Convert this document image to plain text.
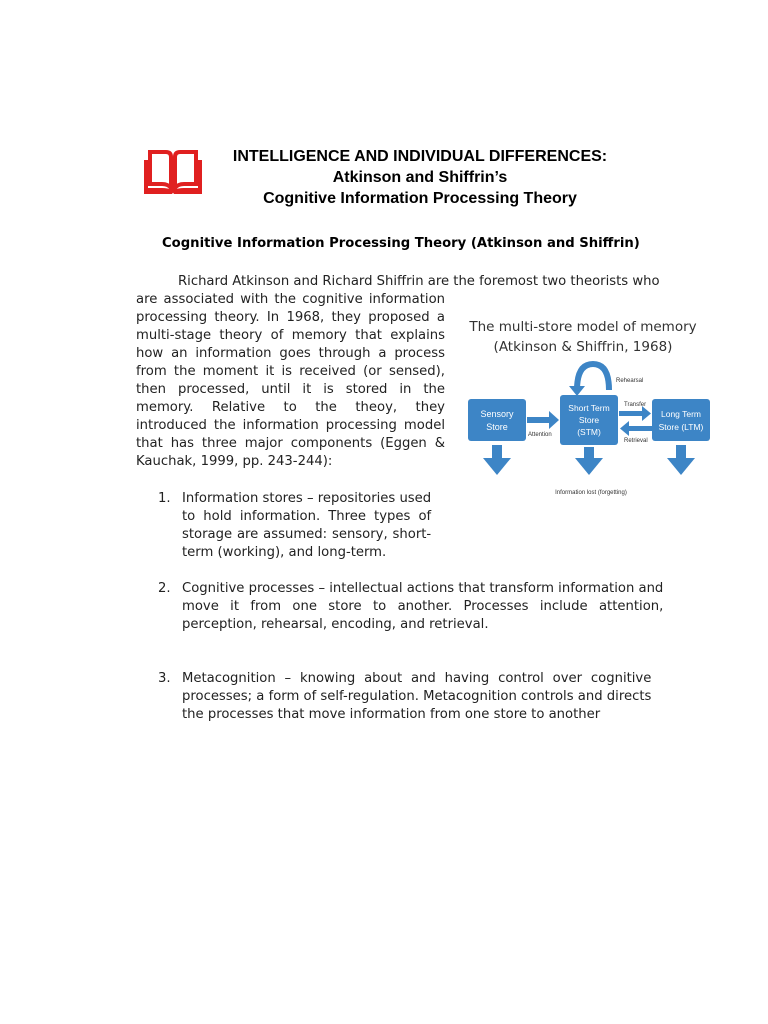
INTELLIGENCE AND INDIVIDUAL DIFFERENCES:
Atkinson and Shiffrin’s
Cognitive Information Processing Theory
Cognitive Information Processing Theory (Atkinson and Shiffrin)
Richard Atkinson and Richard Shiffrin are the foremost two theorists who
are associated with the cognitive information
processing theory. In 1968, they proposed a
multi-stage theory of memory that explains
how an information goes through a process
from the moment it is received (or sensed),
then processed, until it is stored in the
memory. Relative to the theoy, they
introduced the information processing model
that has three major components (Eggen &
Kauchak, 1999, pp. 243-244):
The multi-store model of memory
(Atkinson & Shiffrin, 1968)
Rehearsal
Sensory
Store
Short Term
Store
(STM)
Long Term
Store (LTM)
Attention
Transfer
Retrieval
Information lost (forgetting)
1. Information stores – repositories used
to hold information. Three types of
storage are assumed: sensory, short-
term (working), and long-term.
2. Cognitive processes – intellectual actions that transform information and
move it from one store to another. Processes include attention,
perception, rehearsal, encoding, and retrieval.
3. Metacognition – knowing about and having control over cognitive
processes; a form of self-regulation. Metacognition controls and directs
the processes that move information from one store to another
